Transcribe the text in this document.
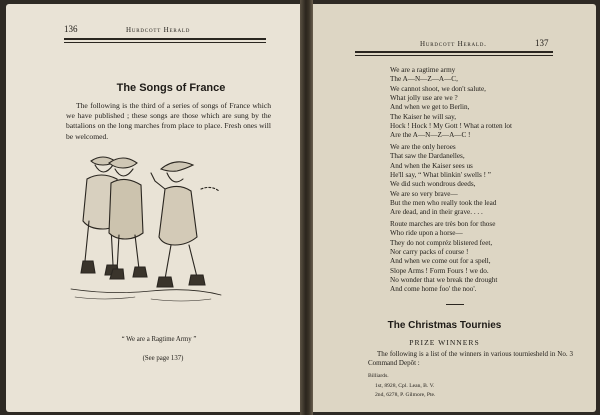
136	Hurdcott Herald
The Songs of France
The following is the third of a series of songs of France which we have published ; these songs are those which are sung by the battalions on the long marches from place to place. Fresh ones will be welcomed.
“ We are a Ragtime Army ”
(See page 137)
Hurdcott Herald.	137
We are a ragtime army
The A—N—Z—A—C,
We cannot shoot, we don't salute,
What jolly use are we ?
And when we get to Berlin,
The Kaiser he will say,
Hock ! Hock ! My Gott ! What a rotten lot
Are the A—N—Z—A—C !
We are the only heroes
That saw the Dardanelles,
And when the Kaiser sees us
He'll say, “ What blinkin' swells ! ”
We did such wondrous deeds,
We are so very brave—
But the men who really took the lead
Are dead, and in their grave. . . .
Route marches are très bon for those
Who ride upon a horse—
They do not compréz blistered feet,
Nor carry packs of course !
And when we come out for a spell,
Slope Arms ! Form Fours ! we do.
No wonder that we break the drought
And come home foo' the noo'.
The Christmas Tournies
PRIZE WINNERS
The following is a list of the winners in various tourniesheld in No. 3 Command Depôt :
Billiards.
1st, 8928, Cpl. Lean, B. V.
2nd, 6278, P. Gilmore, Pte.
